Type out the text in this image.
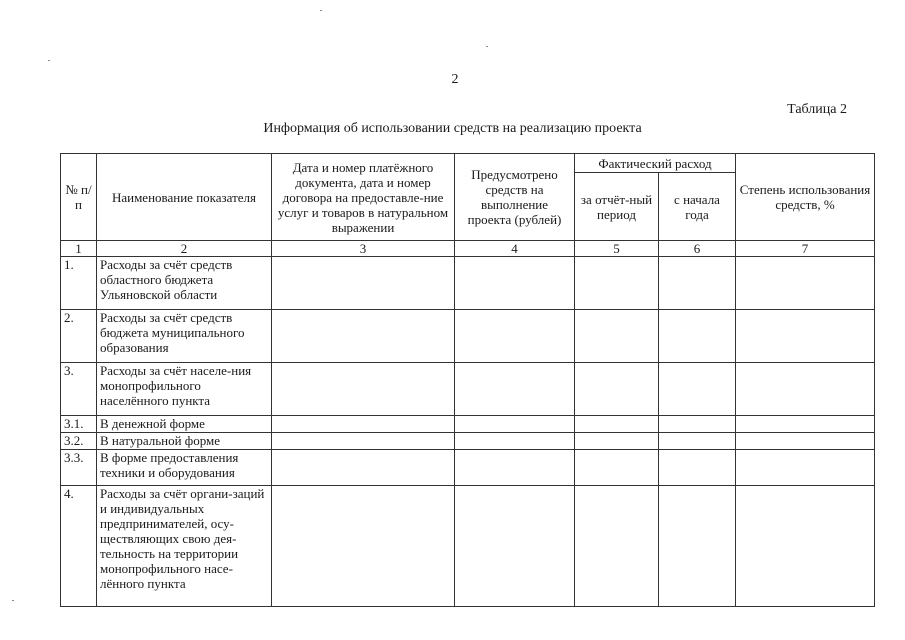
2
Таблица 2
Информация об использовании средств на реализацию проекта
№ п/п	Наименование показателя	Дата и номер платёжного документа, дата и номер договора на предоставле-ние услуг и товаров в натуральном выражении	Предусмотрено средств на выполнение проекта (рублей)	Фактический расход		Степень использования средств, %
				за отчёт-ный период	с начала года	
1	2	3	4	5	6	7
1.	Расходы за счёт средств областного бюджета Ульяновской области					
2.	Расходы за счёт средств бюджета муниципального образования					
3.	Расходы за счёт населе-ния монопрофильного населённого пункта					
3.1.	В денежной форме					
3.2.	В натуральной форме					
3.3.	В форме предоставления техники и оборудования					
4.	Расходы за счёт органи-заций и индивидуальных предпринимателей, осу-ществляющих свою дея-тельность на территории монопрофильного насе-лённого пункта					
